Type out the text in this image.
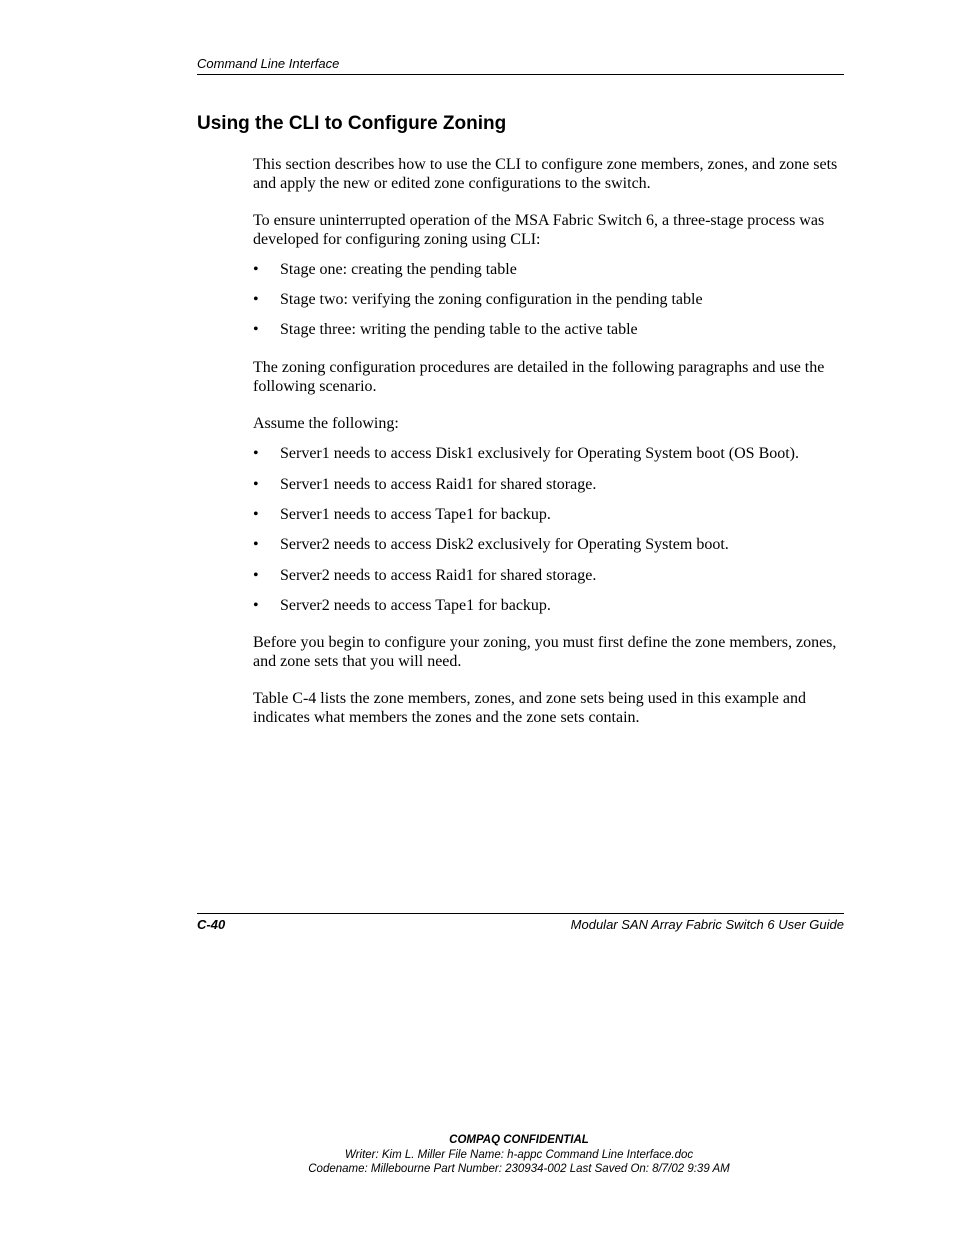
Command Line Interface
Using the CLI to Configure Zoning

This section describes how to use the CLI to configure zone members, zones, and zone sets and apply the new or edited zone configurations to the switch.

To ensure uninterrupted operation of the MSA Fabric Switch 6, a three-stage process was developed for configuring zoning using CLI:

•	Stage one: creating the pending table
•	Stage two: verifying the zoning configuration in the pending table
•	Stage three: writing the pending table to the active table

The zoning configuration procedures are detailed in the following paragraphs and use the following scenario.

Assume the following:

•	Server1 needs to access Disk1 exclusively for Operating System boot (OS Boot).
•	Server1 needs to access Raid1 for shared storage.
•	Server1 needs to access Tape1 for backup.
•	Server2 needs to access Disk2 exclusively for Operating System boot.
•	Server2 needs to access Raid1 for shared storage.
•	Server2 needs to access Tape1 for backup.

Before you begin to configure your zoning, you must first define the zone members, zones, and zone sets that you will need.

Table C-4 lists the zone members, zones, and zone sets being used in this example and indicates what members the zones and the zone sets contain.

C-40	Modular SAN Array Fabric Switch 6 User Guide
COMPAQ CONFIDENTIAL
Writer: Kim L. Miller File Name: h-appc Command Line Interface.doc
Codename: Millebourne Part Number: 230934-002 Last Saved On: 8/7/02 9:39 AM
